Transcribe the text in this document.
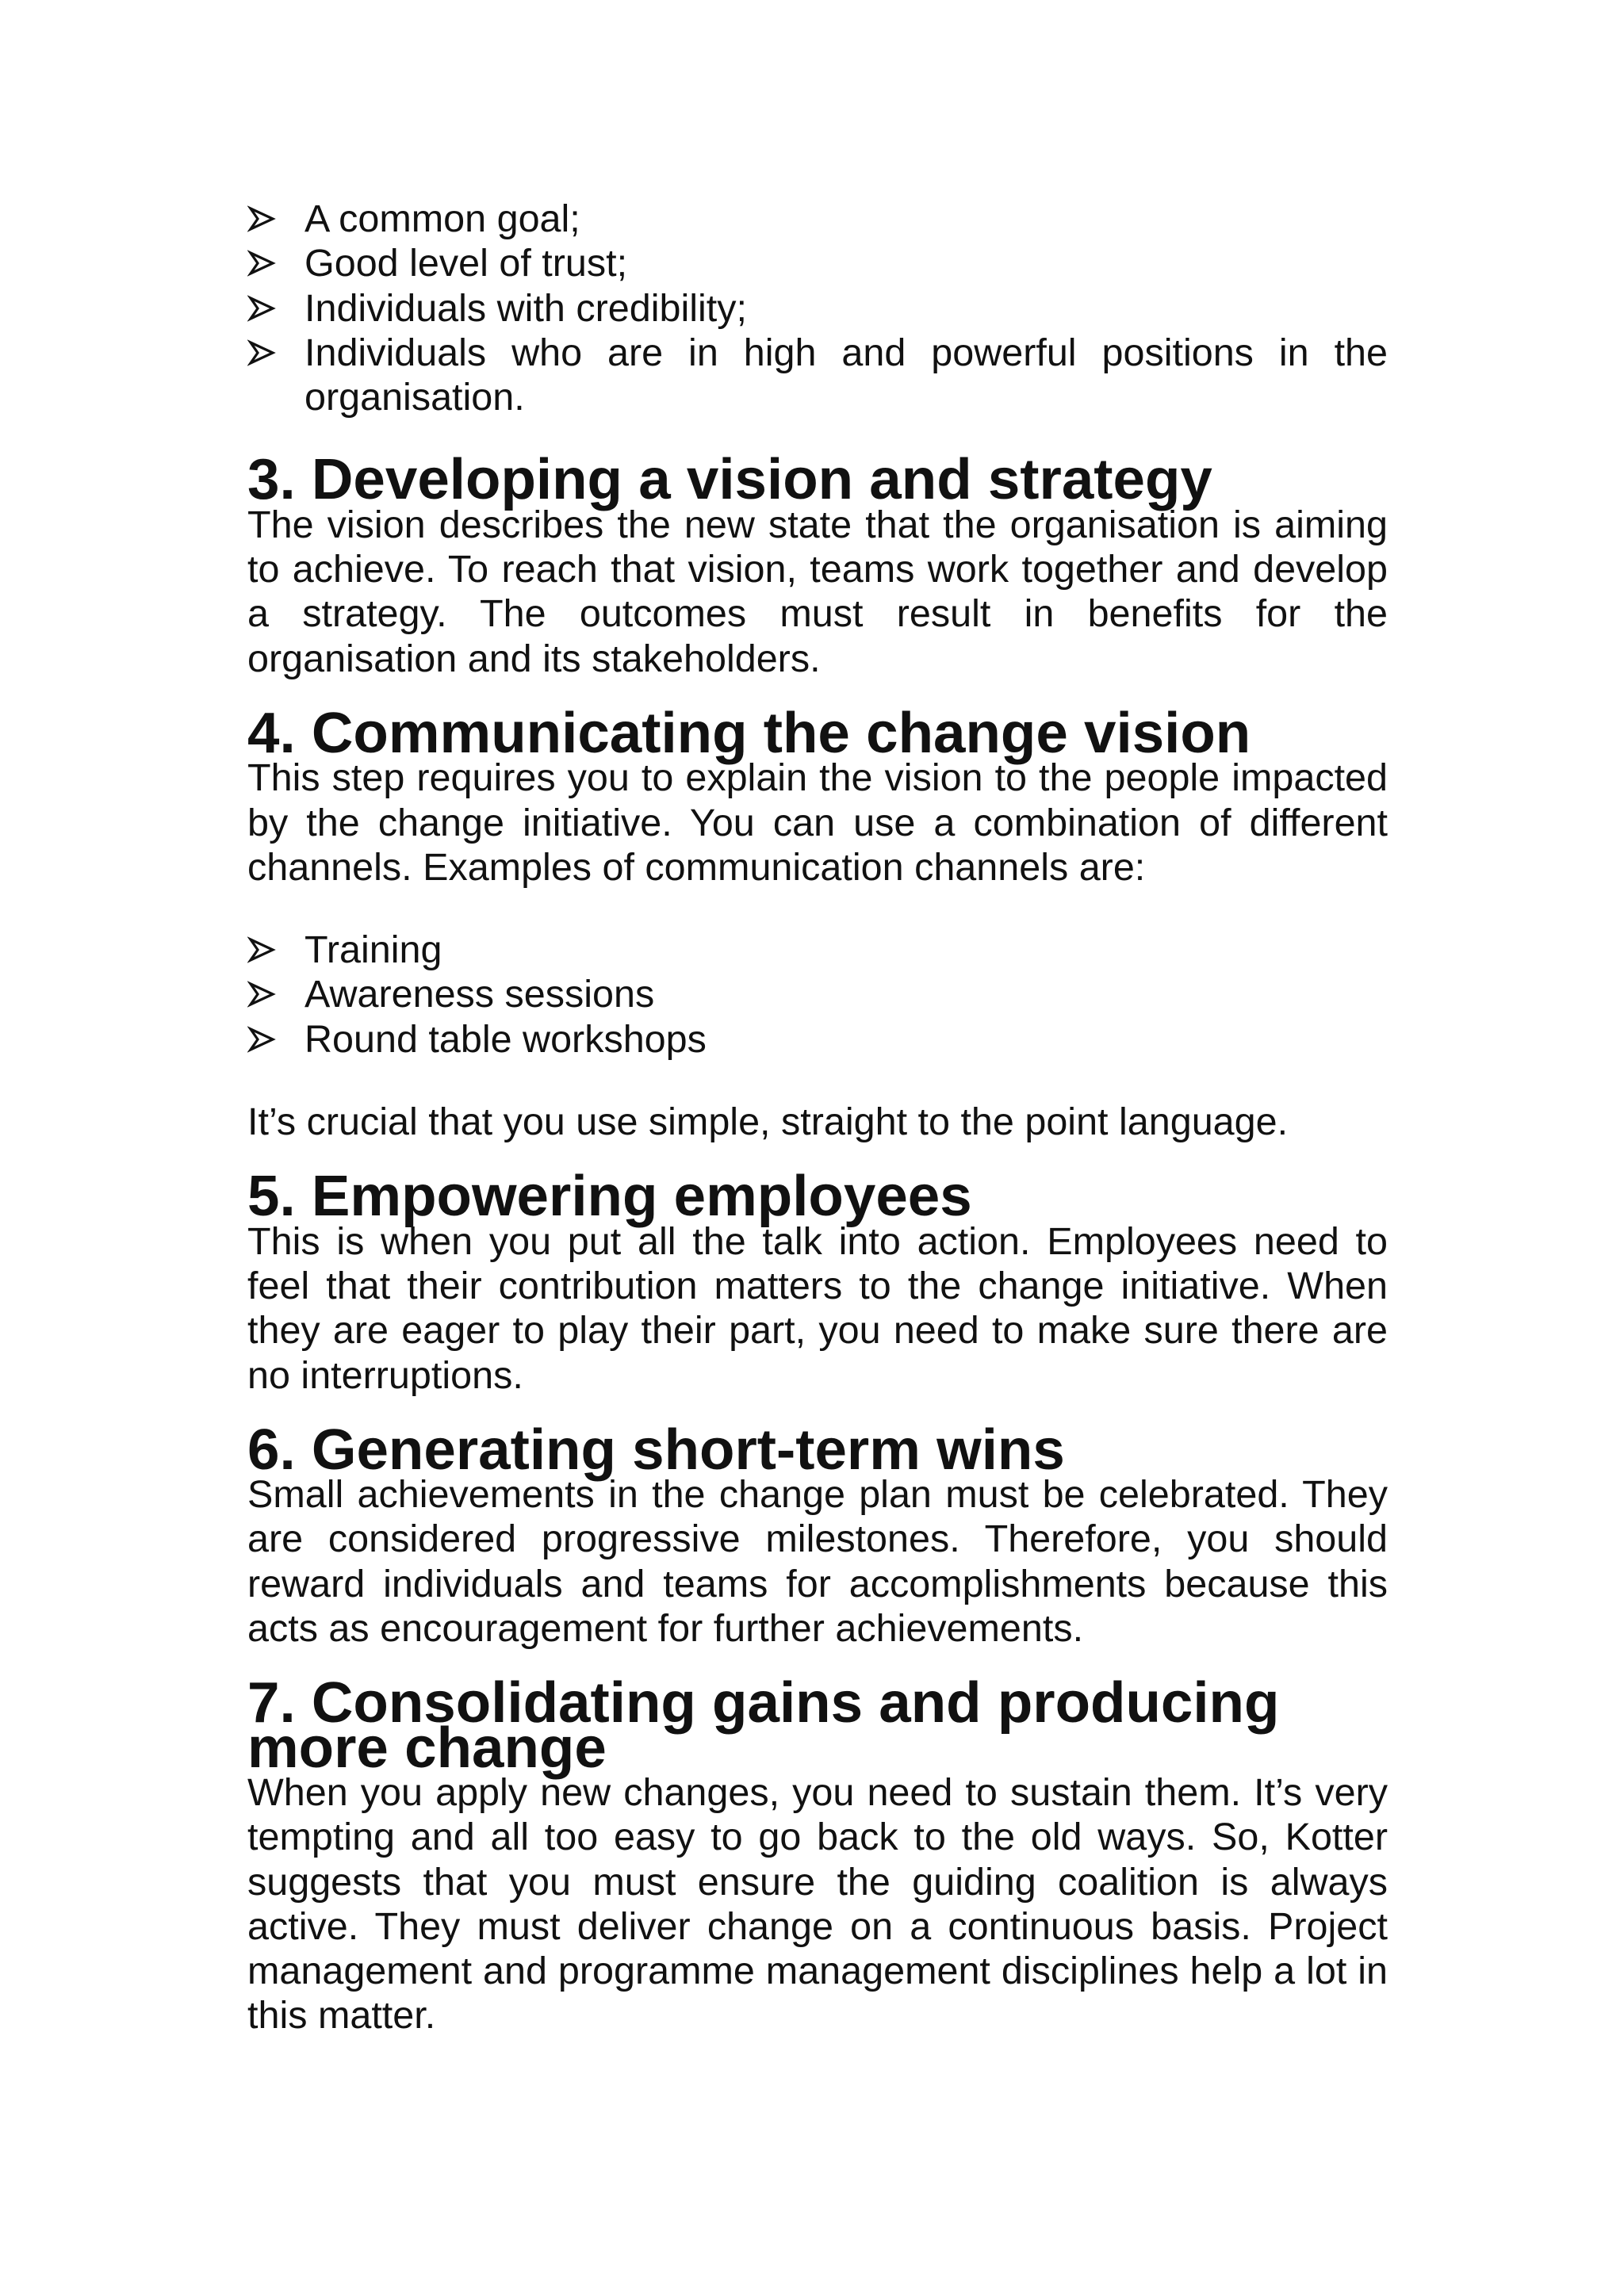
A common goal;
Good level of trust;
Individuals with credibility;
Individuals who are in high and powerful positions in the organisation.
3. Developing a vision and strategy

The vision describes the new state that the organisation is aiming to achieve. To reach that vision, teams work together and develop a strategy. The outcomes must result in benefits for the organisation and its stakeholders.

4. Communicating the change vision

This step requires you to explain the vision to the people impacted by the change initiative. You can use a combination of different channels. Examples of communication channels are:

Training
Awareness sessions
Round table workshops

It’s crucial that you use simple, straight to the point language.

5. Empowering employees

This is when you put all the talk into action. Employees need to feel that their contribution matters to the change initiative. When they are eager to play their part, you need to make sure there are no interruptions.

6. Generating short-term wins

Small achievements in the change plan must be celebrated. They are considered progressive milestones. Therefore, you should reward individuals and teams for accomplishments because this acts as encouragement for further achievements.

7. Consolidating gains and producing more change

When you apply new changes, you need to sustain them. It’s very tempting and all too easy to go back to the old ways. So, Kotter suggests that you must ensure the guiding coalition is always active. They must deliver change on a continuous basis. Project management and programme management disciplines help a lot in this matter.
